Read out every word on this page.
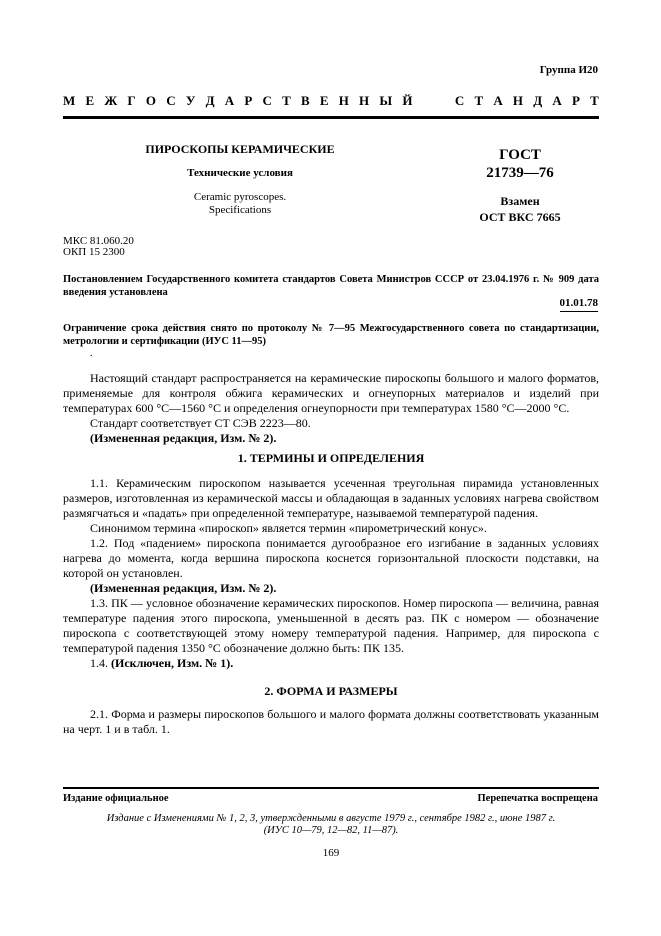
Группа И20
М Е Ж Г О С У Д А Р С Т В Е Н Н Ы Й	С Т А Н Д А Р Т
ПИРОСКОПЫ КЕРАМИЧЕСКИЕ
Технические условия
Ceramic pyroscopes.
Specifications
ГОСТ
21739—76
Взамен
ОСТ ВКС 7665
МКС 81.060.20
ОКП 15 2300
Постановлением Государственного комитета стандартов Совета Министров СССР от 23.04.1976 г. № 909 дата введения установлена
01.01.78
Ограничение срока действия снято по протоколу № 7—95 Межгосударственного совета по стандартизации, метрологии и сертификации (ИУС 11—95)
.

Настоящий стандарт распространяется на керамические пироскопы большого и малого форматов, применяемые для контроля обжига керамических и огнеупорных материалов и изделий при температурах 600 °С—1560 °С и определения огнеупорности при температурах 1580 °С—2000 °С.

Стандарт соответствует СТ СЭВ 2223—80.

(Измененная редакция, Изм. № 2).

1. ТЕРМИНЫ И ОПРЕДЕЛЕНИЯ

1.1. Керамическим пироскопом называется усеченная треугольная пирамида установленных размеров, изготовленная из керамической массы и обладающая в заданных условиях нагрева свойством размягчаться и «падать» при определенной температуре, называемой температурой падения.

Синонимом термина «пироскоп» является термин «пирометрический конус».

1.2. Под «падением» пироскопа понимается дугообразное его изгибание в заданных условиях нагрева до момента, когда вершина пироскопа коснется горизонтальной плоскости подставки, на которой он установлен.

(Измененная редакция, Изм. № 2).

1.3. ПК — условное обозначение керамических пироскопов. Номер пироскопа — величина, равная температуре падения этого пироскопа, уменьшенной в десять раз. ПК с номером — обозначение пироскопа с соответствующей этому номеру температурой падения. Например, для пироскопа с температурой падения 1350 °С обозначение должно быть: ПК 135.

1.4. (Исключен, Изм. № 1).

2. ФОРМА И РАЗМЕРЫ

2.1. Форма и размеры пироскопов большого и малого формата должны соответствовать указанным на черт. 1 и в табл. 1.

Издание официальное	Перепечатка воспрещена
Издание с Изменениями № 1, 2, 3, утвержденными в августе 1979 г., сентябре 1982 г., июне 1987 г.
(ИУС 10—79, 12—82, 11—87).
169
